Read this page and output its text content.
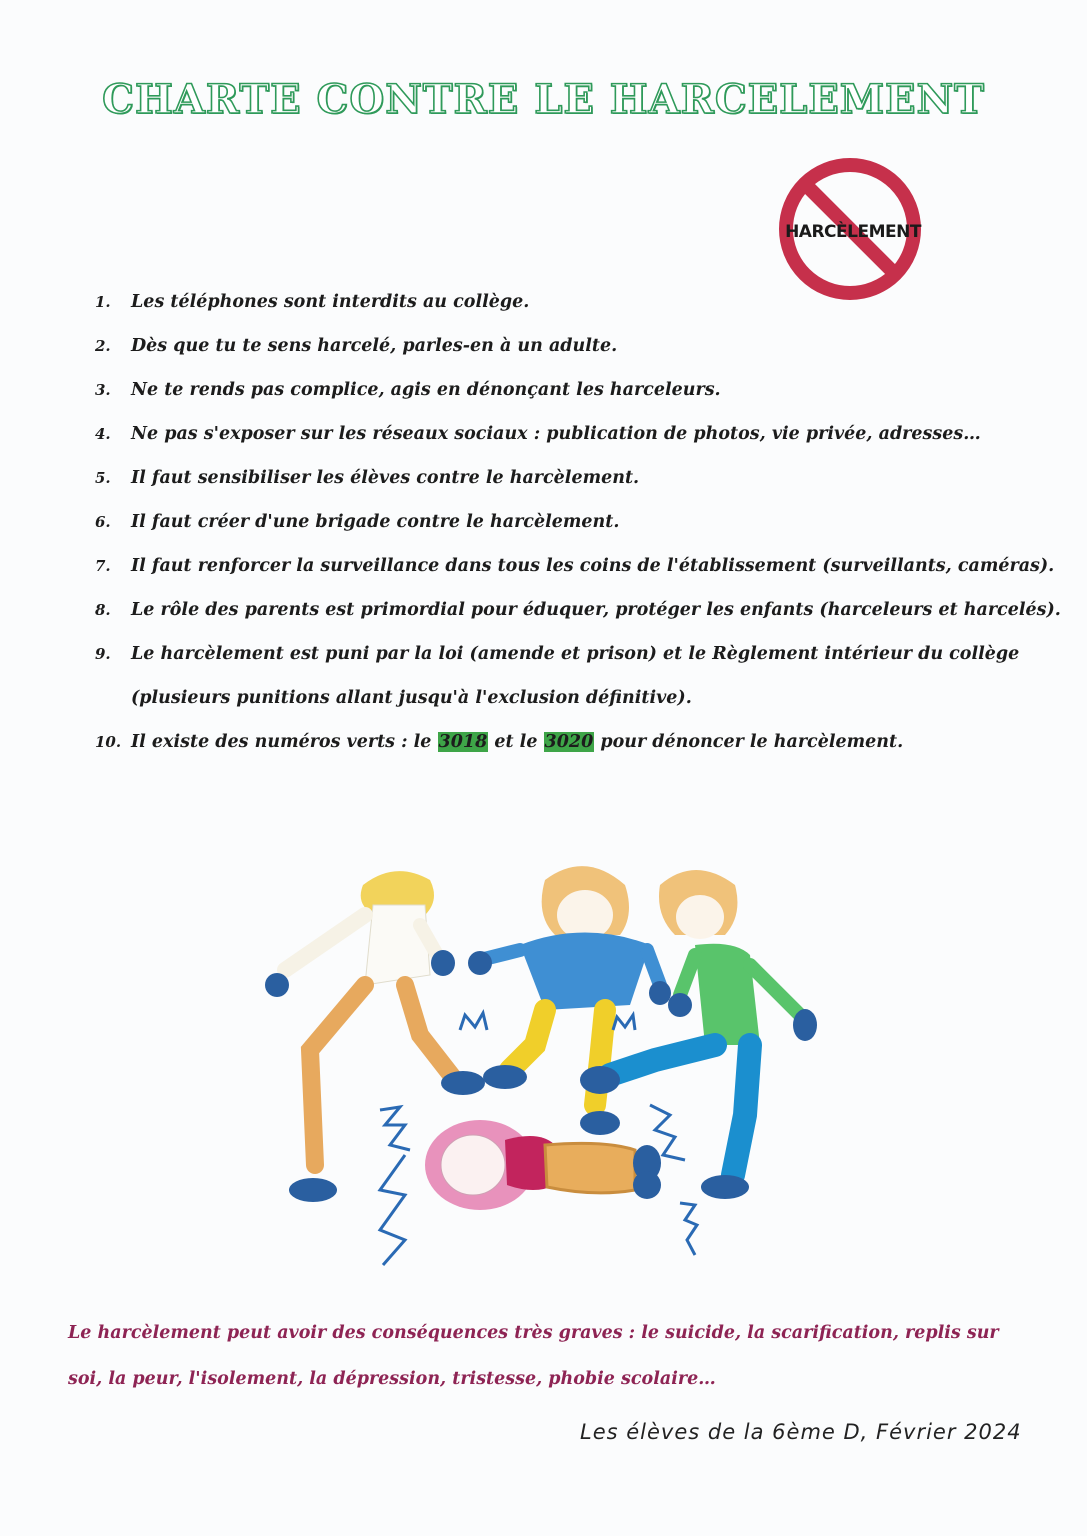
CHARTE CONTRE LE HARCELEMENT
HARCÈLEMENT
1.	Les téléphones sont interdits au collège.
2.	Dès que tu te sens harcelé, parles-en à un adulte.
3.	Ne te rends pas complice, agis en dénonçant les harceleurs.
4.	Ne pas s'exposer sur les réseaux sociaux : publication de photos, vie privée, adresses…
5.	Il faut sensibiliser les élèves contre le harcèlement.
6.	Il faut créer d'une brigade contre le harcèlement.
7.	Il faut renforcer la surveillance dans tous les coins de l'établissement (surveillants, caméras).
8.	Le rôle des parents est primordial pour éduquer, protéger les enfants (harceleurs et harcelés).
9.	Le harcèlement est puni par la loi (amende et prison) et le Règlement intérieur du collège
(plusieurs punitions allant jusqu'à l'exclusion définitive).
10. Il existe des numéros verts : le 3018 et le 3020 pour dénoncer le harcèlement.
Le harcèlement peut avoir des conséquences très graves : le suicide, la scarification, replis sur soi, la peur, l'isolement, la dépression, tristesse, phobie scolaire…
Les élèves de la 6ème D, Février 2024
